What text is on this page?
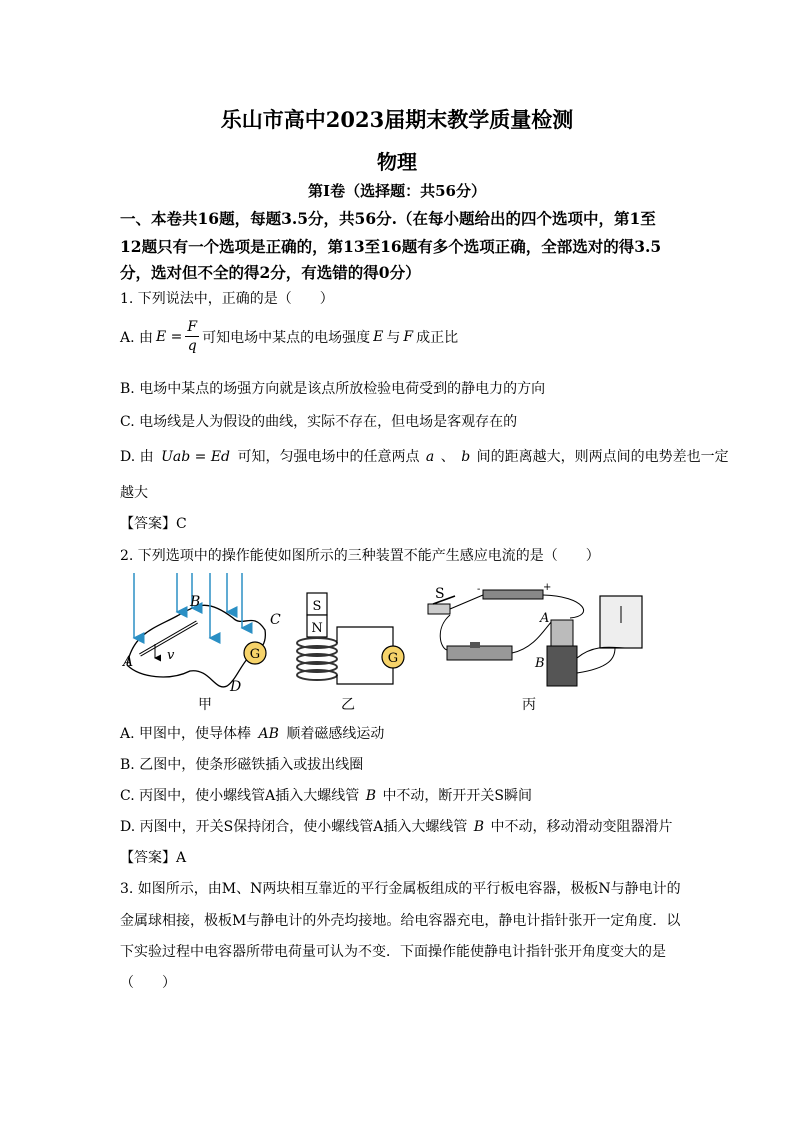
乐山市高中2023届期末教学质量检测
物理
第I卷（选择题：共56分）
一、本卷共16题，每题3.5分，共56分.（在每小题给出的四个选项中，第1至
12题只有一个选项是正确的，第13至16题有多个选项正确，全部选对的得3.5
分，选对但不全的得2分，有选错的得0分）
1. 下列说法中，正确的是（　　）
A. 由 $E = \frac{F}{q}$ 可知电场中某点的电场强度 E 与 F 成正比
B. 电场中某点的场强方向就是该点所放检验电荷受到的静电力的方向
C. 电场线是人为假设的曲线，实际不存在，但电场是客观存在的
D. 由 Uab = Ed 可知，匀强电场中的任意两点 a 、 b 间的距离越大，则两点间的电势差也一定
越大
【答案】C
2. 下列选项中的操作能使如图所示的三种装置不能产生感应电流的是（　　）
G
A
B
C
D
v
甲
S
N
G
乙
S	-	+
A
B
丙
A. 甲图中，使导体棒 AB 顺着磁感线运动
B. 乙图中，使条形磁铁插入或拔出线圈
C. 丙图中，使小螺线管A插入大螺线管 B 中不动，断开开关S瞬间
D. 丙图中，开关S保持闭合，使小螺线管A插入大螺线管 B 中不动，移动滑动变阻器滑片
【答案】A
3. 如图所示，由M、N两块相互靠近的平行金属板组成的平行板电容器，极板N与静电计的
金属球相接，极板M与静电计的外壳均接地。给电容器充电，静电计指针张开一定角度．以
下实验过程中电容器所带电荷量可认为不变．下面操作能使静电计指针张开角度变大的是
（　　）
